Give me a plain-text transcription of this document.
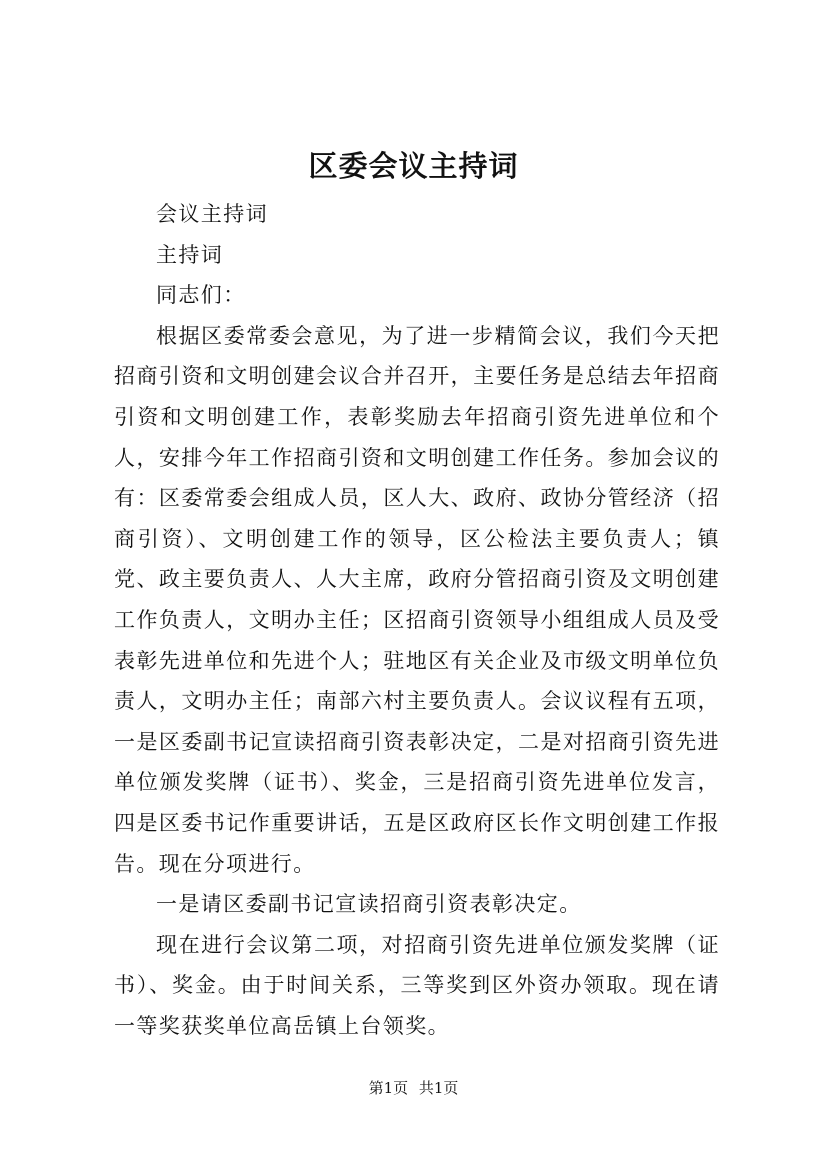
区委会议主持词

会议主持词

主持词

同志们：

根据区委常委会意见，为了进一步精简会议，我们今天把招商引资和文明创建会议合并召开，主要任务是总结去年招商引资和文明创建工作，表彰奖励去年招商引资先进单位和个人，安排今年工作招商引资和文明创建工作任务。参加会议的有：区委常委会组成人员，区人大、政府、政协分管经济（招商引资）、文明创建工作的领导，区公检法主要负责人；镇党、政主要负责人、人大主席，政府分管招商引资及文明创建工作负责人，文明办主任；区招商引资领导小组组成人员及受表彰先进单位和先进个人；驻地区有关企业及市级文明单位负责人，文明办主任；南部六村主要负责人。会议议程有五项，一是区委副书记宣读招商引资表彰决定，二是对招商引资先进单位颁发奖牌（证书）、奖金，三是招商引资先进单位发言，四是区委书记作重要讲话，五是区政府区长作文明创建工作报告。现在分项进行。

一是请区委副书记宣读招商引资表彰决定。

现在进行会议第二项，对招商引资先进单位颁发奖牌（证书）、奖金。由于时间关系，三等奖到区外资办领取。现在请一等奖获奖单位高岳镇上台领奖。

第1页 共1页
